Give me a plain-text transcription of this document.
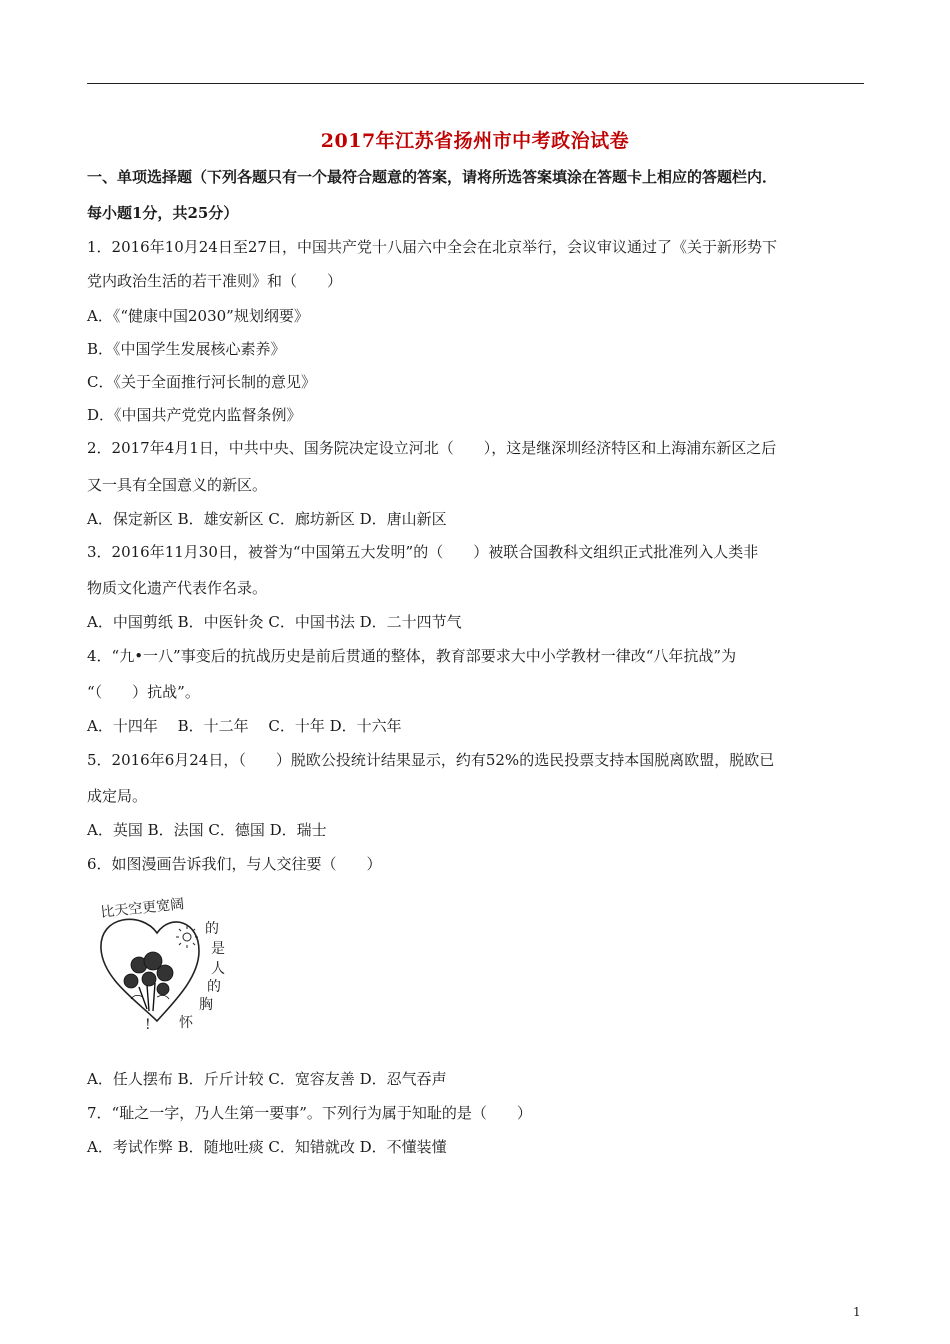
2017年江苏省扬州市中考政治试卷
一、单项选择题（下列各题只有一个最符合题意的答案，请将所选答案填涂在答题卡上相应的答题栏内．
每小题1分，共25分）
1．2016年10月24日至27日，中国共产党十八届六中全会在北京举行，会议审议通过了《关于新形势下
党内政治生活的若干准则》和（　　）
A．《“健康中国2030”规划纲要》
B．《中国学生发展核心素养》
C．《关于全面推行河长制的意见》
D．《中国共产党党内监督条例》
2．2017年4月1日，中共中央、国务院决定设立河北（　　），这是继深圳经济特区和上海浦东新区之后
又一具有全国意义的新区。
A．保定新区 B．雄安新区 C．廊坊新区 D．唐山新区
3．2016年11月30日，被誉为“中国第五大发明”的（　　）被联合国教科文组织正式批准列入人类非
物质文化遗产代表作名录。
A．中国剪纸 B．中医针灸 C．中国书法 D．二十四节气
4．“九•一八”事变后的抗战历史是前后贯通的整体，教育部要求大中小学教材一律改“八年抗战”为
“（　　）抗战”。
A．十四年　 B．十二年　 C．十年 D．十六年
5．2016年6月24日，（　　）脱欧公投统计结果显示，约有52%的选民投票支持本国脱离欧盟，脱欧已
成定局。
A．英国 B．法国 C．德国 D．瑞士
6．如图漫画告诉我们，与人交往要（　　）
比天空更宽阔
的
是
人
的
胸
怀
!
A．任人摆布 B．斤斤计较 C．宽容友善 D．忍气吞声
7．“耻之一字，乃人生第一要事”。下列行为属于知耻的是（　　）
A．考试作弊 B．随地吐痰 C．知错就改 D．不懂装懂
1
